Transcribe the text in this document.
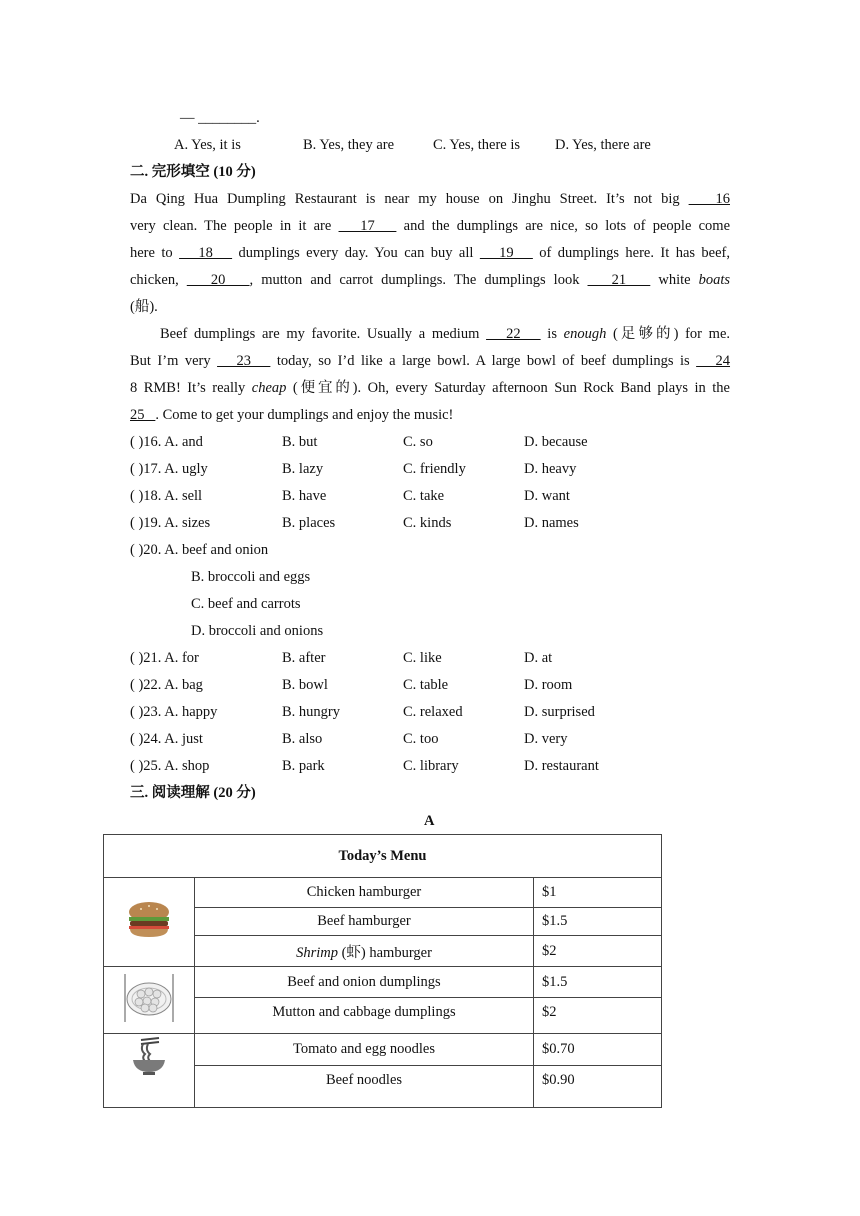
— ________.
A. Yes, it is	B. Yes, they are	C. Yes, there is D. Yes, there are
二. 完形填空 (10 分)
Da Qing Hua Dumpling Restaurant is near my house on Jinghu Street. It’s not big    16
very clean. The people in it are    17    and the dumplings are nice, so lots of people come
here to    18    dumplings every day. You can buy all    19    of dumplings here. It has beef,
chicken,    20   , mutton and carrot dumplings. The dumplings look    21    white boats
(船).
Beef dumplings are my favorite. Usually a medium    22    is enough (足够的) for me.
But I’m very    23    today, so I’d like a large bowl. A large bowl of beef dumplings is    24
8 RMB! It’s really cheap (便宜的). Oh, every Saturday afternoon Sun Rock Band plays in the
25   . Come to get your dumplings and enjoy the music!
( )16. A. and	B. but	C. so	D. because
( )17. A. ugly	B. lazy	C. friendly	D. heavy
( )18. A. sell	B. have	C. take	D. want
( )19. A. sizes	B. places	C. kinds	D. names
( )20. A. beef and onion
B. broccoli and eggs
C. beef and carrots
D. broccoli and onions
( )21. A. for	B. after	C. like	D. at
( )22. A. bag	B. bowl	C. table	D. room
( )23. A. happy	B. hungry	C. relaxed	D. surprised
( )24. A. just	B. also	C. too	D. very
( )25. A. shop	B. park	C. library	D. restaurant
三. 阅读理解 (20 分)
A
Today’s Menu		
	Chicken hamburger	$1
	Beef hamburger	$1.5
	Shrimp (虾) hamburger	$2
	Beef and onion dumplings	$1.5
	Mutton and cabbage dumplings	$2
	Tomato and egg noodles	$0.70
	Beef noodles	$0.90
